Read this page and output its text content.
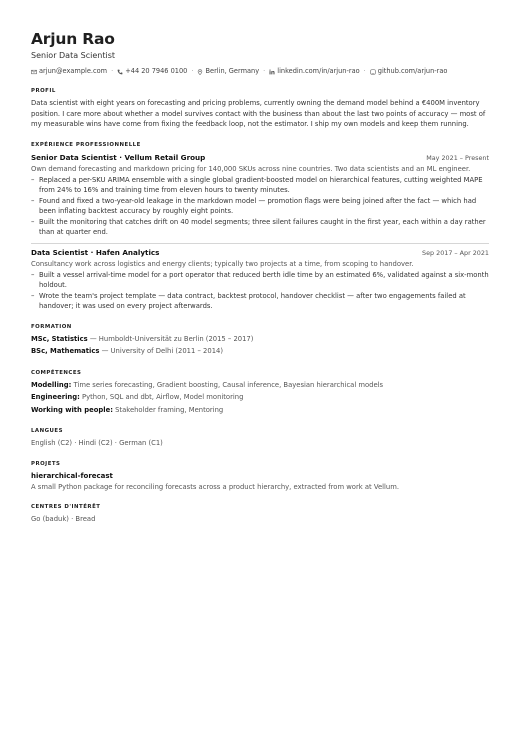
Arjun Rao
Senior Data Scientist
arjun@example.com · +44 20 7946 0100 · Berlin, Germany · linkedin.com/in/arjun-rao · github.com/arjun-rao
PROFIL
Data scientist with eight years on forecasting and pricing problems, currently owning the demand model behind a €400M inventory position. I care more about whether a model survives contact with the business than about the last two points of accuracy — most of my measurable wins have come from fixing the feedback loop, not the estimator. I ship my own models and keep them running.
EXPÉRIENCE PROFESSIONNELLE
Senior Data Scientist · Vellum Retail Group	May 2021 – Present
Own demand forecasting and markdown pricing for 140,000 SKUs across nine countries. Two data scientists and an ML engineer.
– Replaced a per-SKU ARIMA ensemble with a single global gradient-boosted model on hierarchical features, cutting weighted MAPE from 24% to 16% and training time from eleven hours to twenty minutes.
– Found and fixed a two-year-old leakage in the markdown model — promotion flags were being joined after the fact — which had been inflating backtest accuracy by roughly eight points.
– Built the monitoring that catches drift on 40 model segments; three silent failures caught in the first year, each within a day rather than at quarter end.
Data Scientist · Hafen Analytics	Sep 2017 – Apr 2021
Consultancy work across logistics and energy clients; typically two projects at a time, from scoping to handover.
– Built a vessel arrival-time model for a port operator that reduced berth idle time by an estimated 6%, validated against a six-month holdout.
– Wrote the team's project template — data contract, backtest protocol, handover checklist — after two engagements failed at handover; it was used on every project afterwards.
FORMATION
MSc, Statistics — Humboldt-Universität zu Berlin (2015 – 2017)
BSc, Mathematics — University of Delhi (2011 – 2014)
COMPÉTENCES
Modelling: Time series forecasting, Gradient boosting, Causal inference, Bayesian hierarchical models
Engineering: Python, SQL and dbt, Airflow, Model monitoring
Working with people: Stakeholder framing, Mentoring
LANGUES
English (C2) · Hindi (C2) · German (C1)
PROJETS
hierarchical-forecast
A small Python package for reconciling forecasts across a product hierarchy, extracted from work at Vellum.
CENTRES D'INTÉRÊT
Go (baduk) · Bread
